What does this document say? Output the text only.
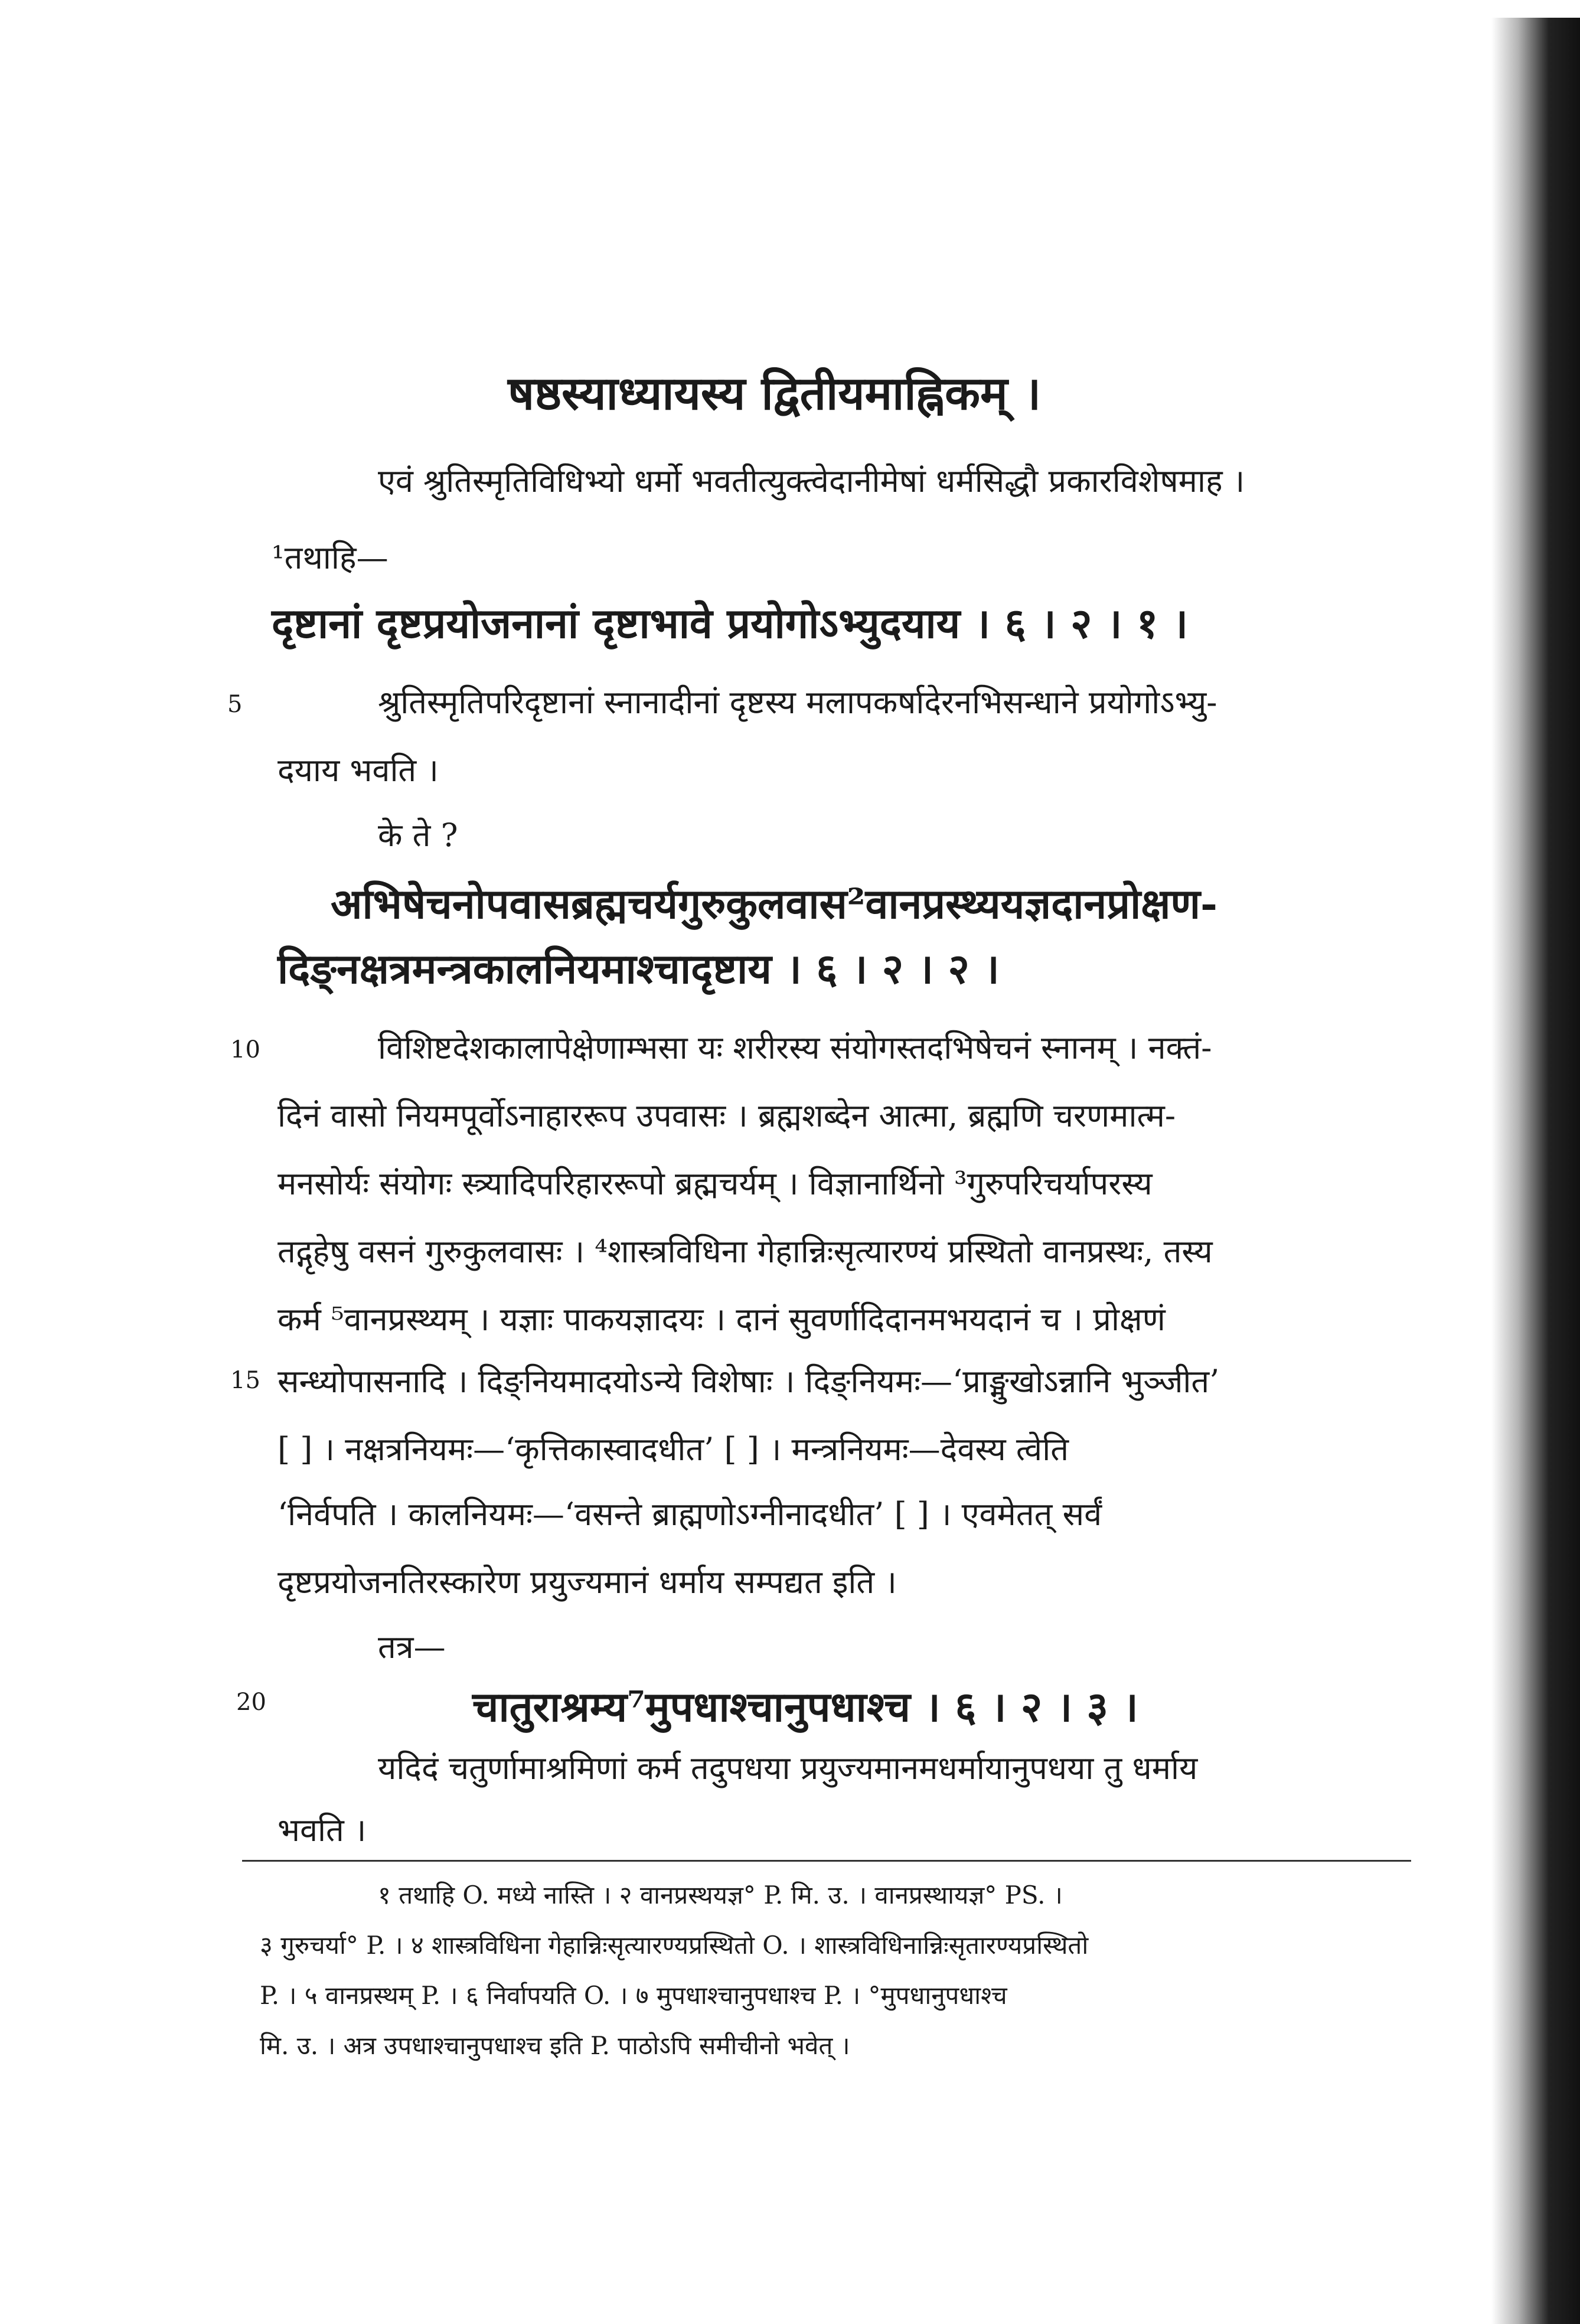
षष्ठस्याध्यायस्य द्वितीयमाह्निकम् ।
एवं श्रुतिस्मृतिविधिभ्यो धर्मो भवतीत्युक्त्वेदानीमेषां धर्मसिद्धौ प्रकारविशेषमाह ।
¹तथाहि—
दृष्टानां दृष्टप्रयोजनानां दृष्टाभावे प्रयोगोऽभ्युदयाय । ६ । २ । १ ।
5	श्रुतिस्मृतिपरिदृष्टानां स्नानादीनां दृष्टस्य मलापकर्षादेरनभिसन्धाने प्रयोगोऽभ्यु-
दयाय भवति ।
के ते ?
अभिषेचनोपवासब्रह्मचर्यगुरुकुलवास²वानप्रस्थ्ययज्ञदानप्रोक्षण-
दिङ्नक्षत्रमन्त्रकालनियमाश्चादृष्टाय । ६ । २ । २ ।
10	विशिष्टदेशकालापेक्षेणाम्भसा यः शरीरस्य संयोगस्तदभिषेचनं स्नानम् । नक्तं-
दिनं वासो नियमपूर्वोऽनाहाररूप उपवासः । ब्रह्मशब्देन आत्मा, ब्रह्मणि चरणमात्म-
मनसोर्यः संयोगः स्त्र्यादिपरिहाररूपो ब्रह्मचर्यम् । विज्ञानार्थिनो ³गुरुपरिचर्यापरस्य
तद्गृहेषु वसनं गुरुकुलवासः । ⁴शास्त्रविधिना गेहान्निःसृत्यारण्यं प्रस्थितो वानप्रस्थः, तस्य
कर्म ⁵वानप्रस्थ्यम् । यज्ञाः पाकयज्ञादयः । दानं सुवर्णादिदानमभयदानं च । प्रोक्षणं
15 सन्ध्योपासनादि । दिङ्नियमादयोऽन्ये विशेषाः । दिङ्नियमः—‘प्राङ्मुखोऽन्नानि भुञ्जीत’
[ ] । नक्षत्रनियमः—‘कृत्तिकास्वादधीत’ [ ] । मन्त्रनियमः—देवस्य त्वेति
‘निर्वपति । कालनियमः—‘वसन्ते ब्राह्मणोऽग्नीनादधीत’ [ ] । एवमेतत् सर्वं
दृष्टप्रयोजनतिरस्कारेण प्रयुज्यमानं धर्माय सम्पद्यत इति ।
तत्र—
20	चातुराश्रम्य⁷मुपधाश्चानुपधाश्च । ६ । २ । ३ ।
यदिदं चतुर्णामाश्रमिणां कर्म तदुपधया प्रयुज्यमानमधर्मायानुपधया तु धर्माय
भवति ।
१ तथाहि O. मध्ये नास्ति । २ वानप्रस्थयज्ञ° P. मि. उ. । वानप्रस्थायज्ञ° PS. ।
३ गुरुचर्या° P. । ४ शास्त्रविधिना गेहान्निःसृत्यारण्यप्रस्थितो O. । शास्त्रविधिनान्निःसृतारण्यप्रस्थितो
P. । ५ वानप्रस्थम् P. । ६ निर्वापयति O. । ७ मुपधाश्चानुपधाश्च P. । °मुपधानुपधाश्च
मि. उ. । अत्र उपधाश्चानुपधाश्च इति P. पाठोऽपि समीचीनो भवेत् ।
